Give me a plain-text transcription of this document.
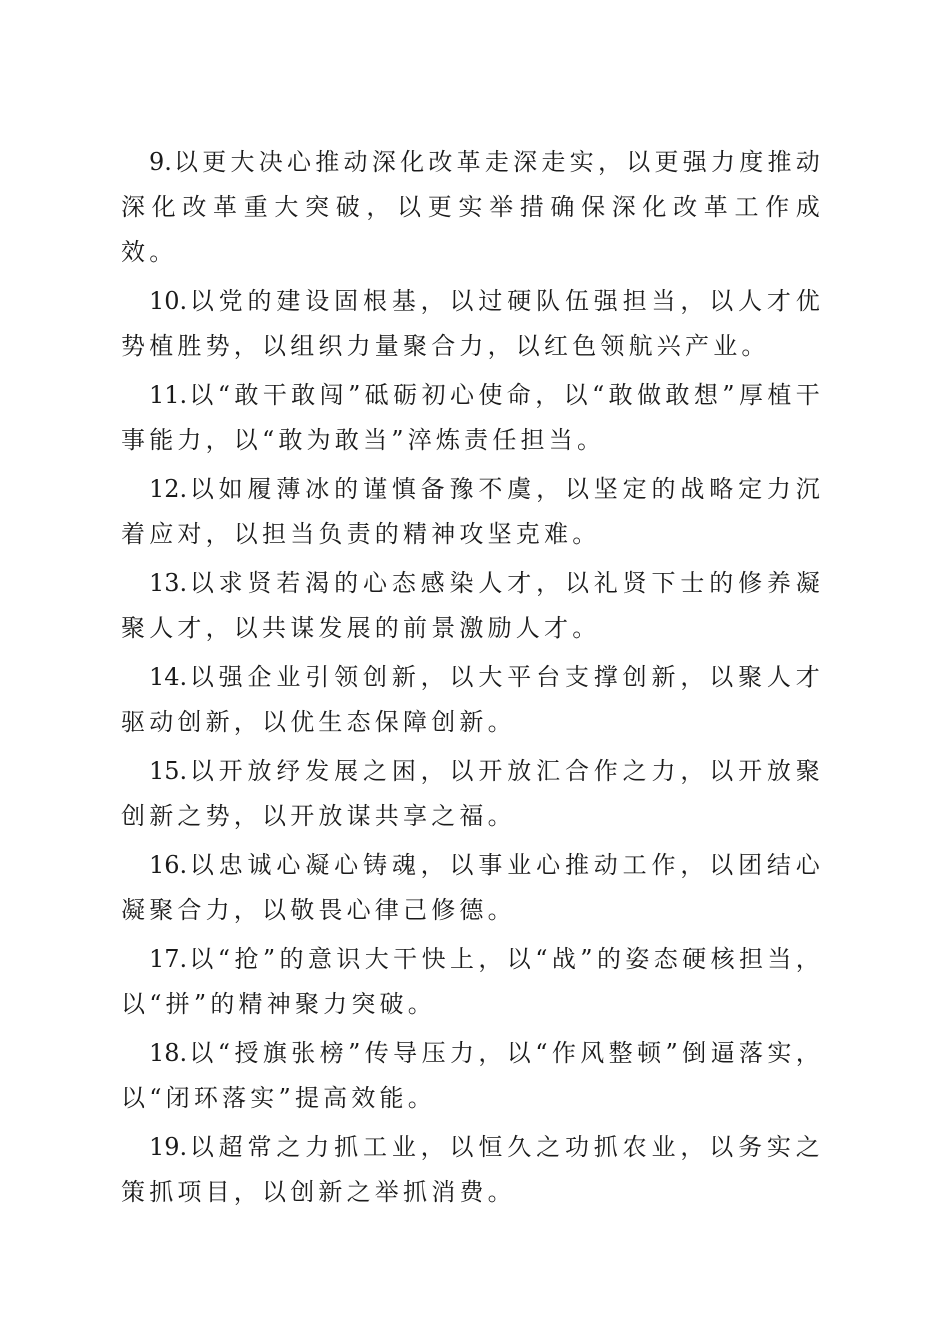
9.以更大决心推动深化改革走深走实，以更强力度推动深化改革重大突破，以更实举措确保深化改革工作成效。

10.以党的建设固根基，以过硬队伍强担当，以人才优势植胜势，以组织力量聚合力，以红色领航兴产业。

11.以“敢干敢闯”砥砺初心使命，以“敢做敢想”厚植干事能力，以“敢为敢当”淬炼责任担当。

12.以如履薄冰的谨慎备豫不虞，以坚定的战略定力沉着应对，以担当负责的精神攻坚克难。

13.以求贤若渴的心态感染人才，以礼贤下士的修养凝聚人才，以共谋发展的前景激励人才。

14.以强企业引领创新，以大平台支撑创新，以聚人才驱动创新，以优生态保障创新。

15.以开放纾发展之困，以开放汇合作之力，以开放聚创新之势，以开放谋共享之福。

16.以忠诚心凝心铸魂，以事业心推动工作，以团结心凝聚合力，以敬畏心律己修德。

17.以“抢”的意识大干快上，以“战”的姿态硬核担当，以“拼”的精神聚力突破。

18.以“授旗张榜”传导压力，以“作风整顿”倒逼落实，以“闭环落实”提高效能。

19.以超常之力抓工业，以恒久之功抓农业，以务实之策抓项目，以创新之举抓消费。
